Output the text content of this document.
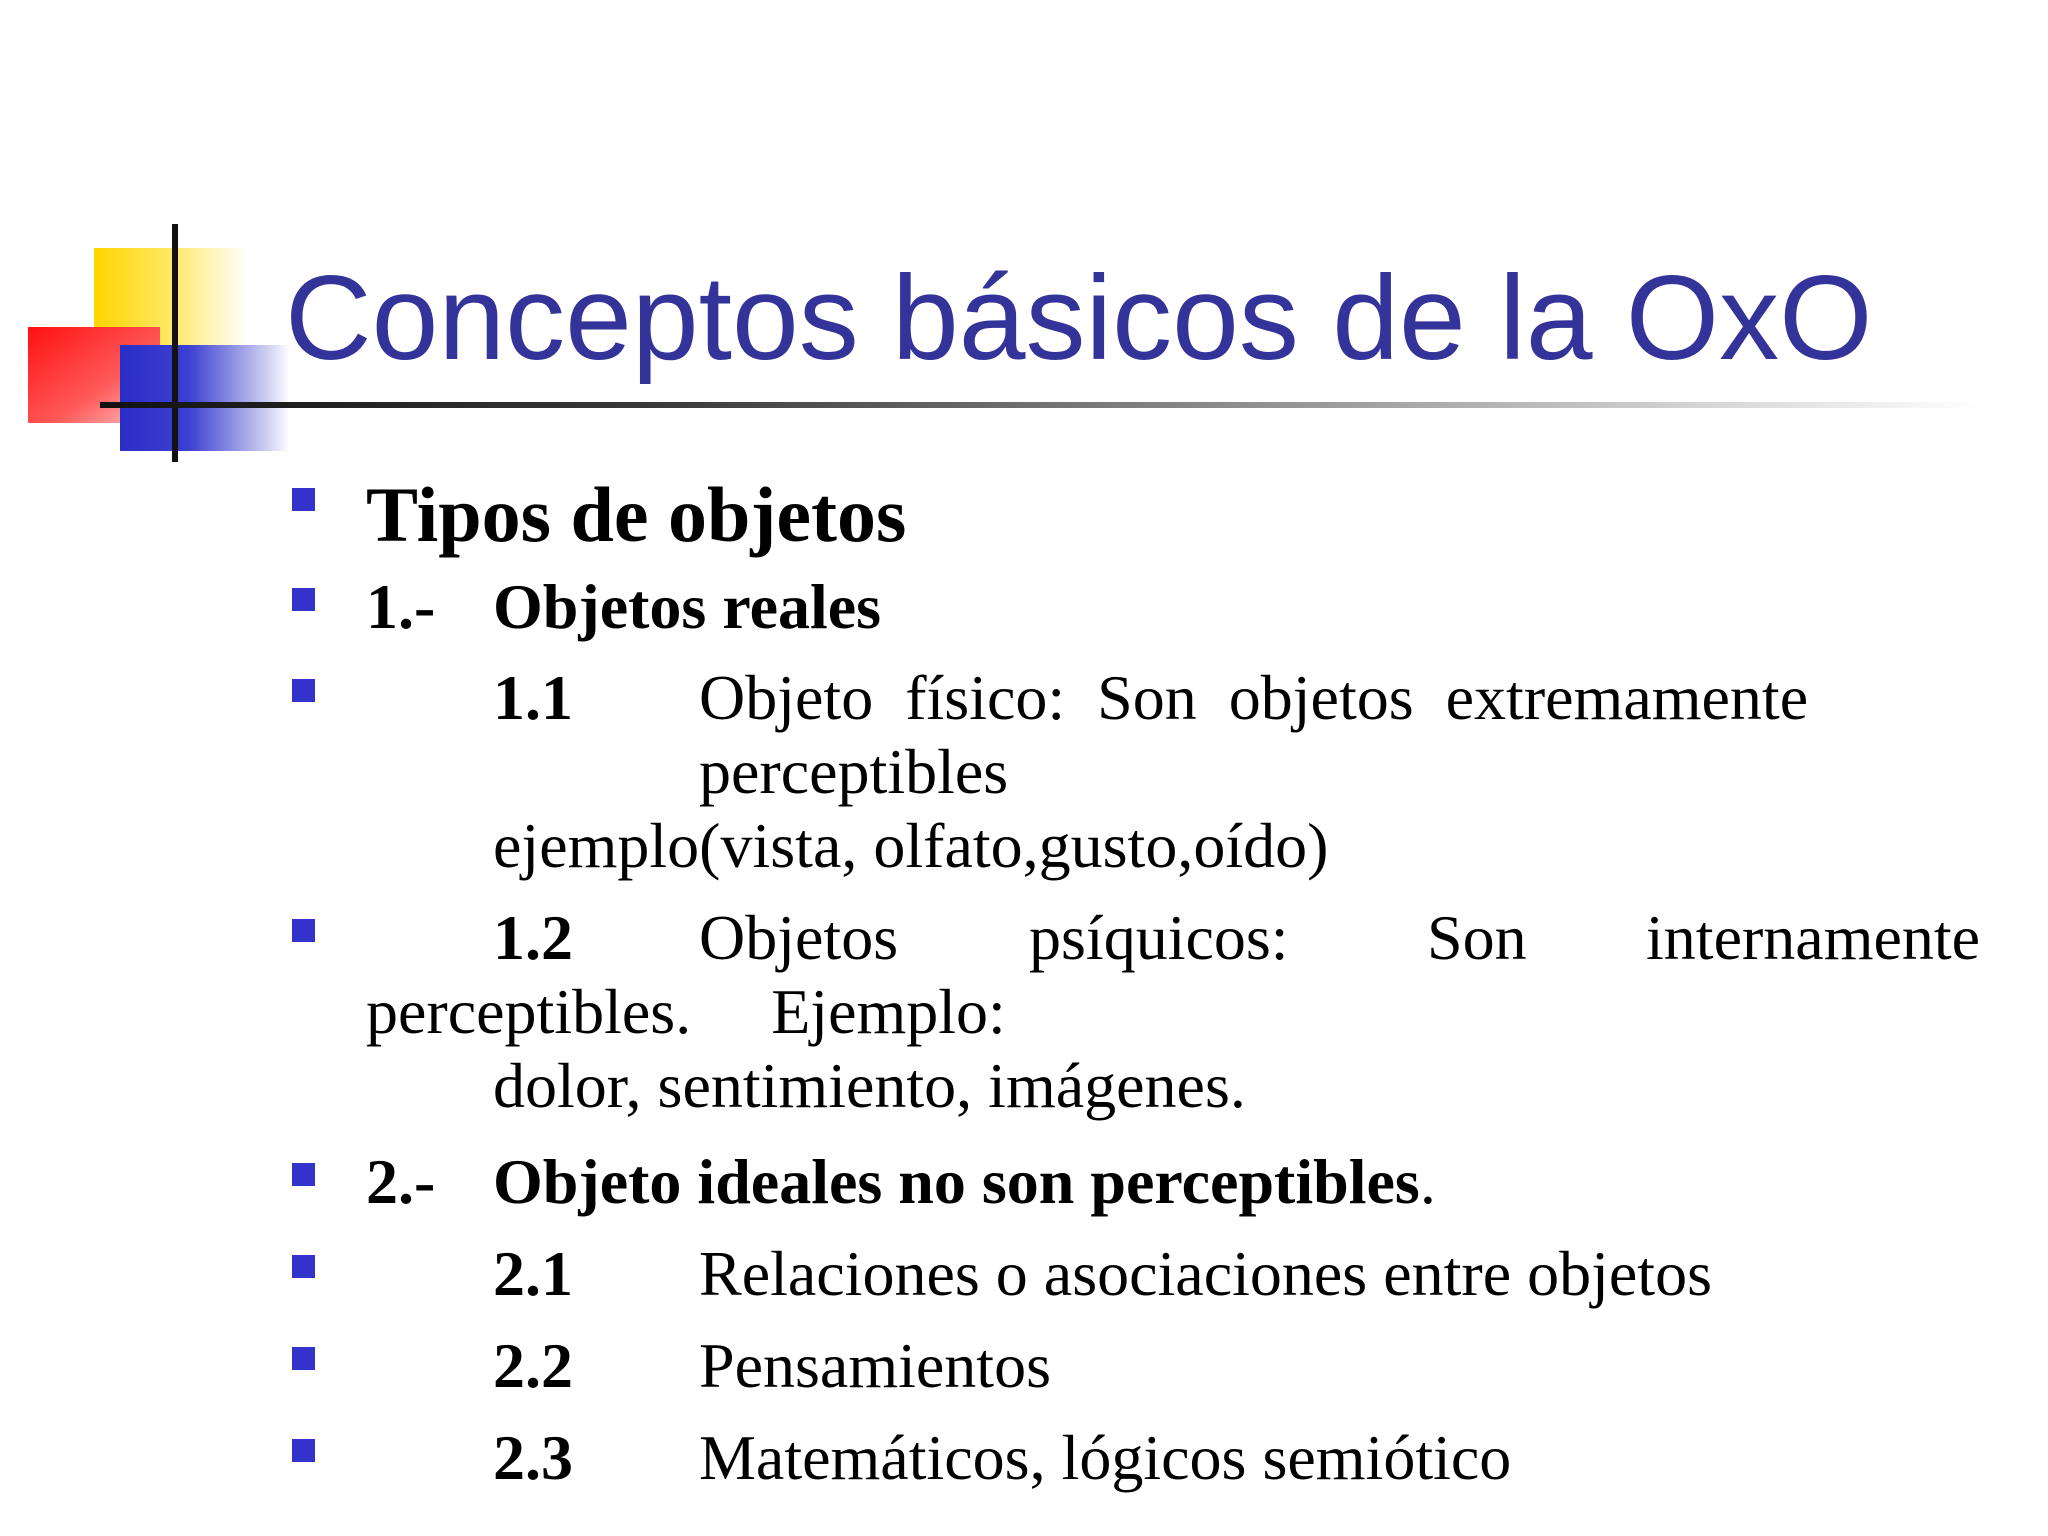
Conceptos básicos de la OxO
Tipos de objetos
1.- Objetos reales
1.1 Objeto  físico:  Son  objetos  extremamente
perceptibles
ejemplo(vista, olfato,gusto,oído)
1.2 Objetos psíquicos: Son internamente
perceptibles.     Ejemplo:
dolor, sentimiento, imágenes.
2.- Objeto ideales no son perceptibles.
2.1 Relaciones o asociaciones entre objetos
2.2 Pensamientos
2.3 Matemáticos, lógicos semiótico
